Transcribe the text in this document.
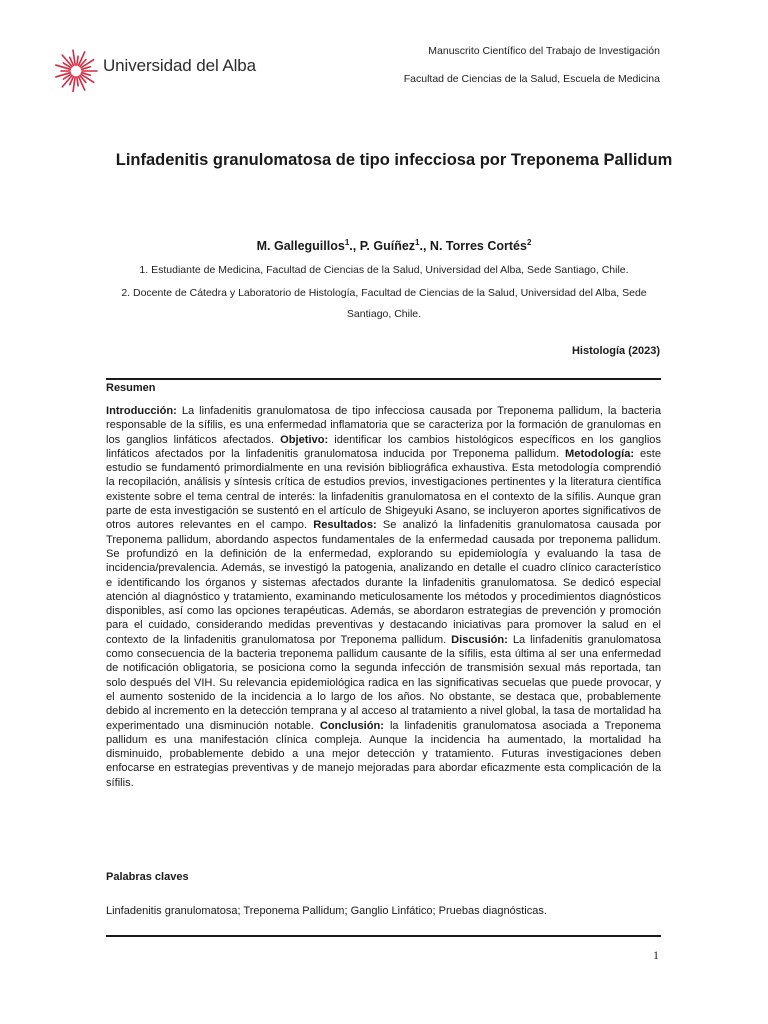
Universidad del Alba
Manuscrito Científico del Trabajo de Investigación
Facultad de Ciencias de la Salud, Escuela de Medicina
Linfadenitis granulomatosa de tipo infecciosa por Treponema Pallidum
M. Galleguillos$^1$., P. Guíñez$^1$., N. Torres Cortés$^2$
1. Estudiante de Medicina, Facultad de Ciencias de la Salud, Universidad del Alba, Sede Santiago, Chile.
2. Docente de Cátedra y Laboratorio de Histología, Facultad de Ciencias de la Salud, Universidad del Alba, Sede Santiago, Chile.
Histología (2023)
Resumen
Introducción: La linfadenitis granulomatosa de tipo infecciosa causada por Treponema pallidum, la bacteria responsable de la sífilis, es una enfermedad inflamatoria que se caracteriza por la formación de granulomas en los ganglios linfáticos afectados. Objetivo: identificar los cambios histológicos específicos en los ganglios linfáticos afectados por la linfadenitis granulomatosa inducida por Treponema pallidum. Metodología: este estudio se fundamentó primordialmente en una revisión bibliográfica exhaustiva. Esta metodología comprendió la recopilación, análisis y síntesis crítica de estudios previos, investigaciones pertinentes y la literatura científica existente sobre el tema central de interés: la linfadenitis granulomatosa en el contexto de la sífilis. Aunque gran parte de esta investigación se sustentó en el artículo de Shigeyuki Asano, se incluyeron aportes significativos de otros autores relevantes en el campo. Resultados: Se analizó la linfadenitis granulomatosa causada por Treponema pallidum, abordando aspectos fundamentales de la enfermedad causada por treponema pallidum. Se profundizó en la definición de la enfermedad, explorando su epidemiología y evaluando la tasa de incidencia/prevalencia. Además, se investigó la patogenia, analizando en detalle el cuadro clínico característico e identificando los órganos y sistemas afectados durante la linfadenitis granulomatosa. Se dedicó especial atención al diagnóstico y tratamiento, examinando meticulosamente los métodos y procedimientos diagnósticos disponibles, así como las opciones terapéuticas. Además, se abordaron estrategias de prevención y promoción para el cuidado, considerando medidas preventivas y destacando iniciativas para promover la salud en el contexto de la linfadenitis granulomatosa por Treponema pallidum. Discusión: La linfadenitis granulomatosa como consecuencia de la bacteria treponema pallidum causante de la sífilis, esta última al ser una enfermedad de notificación obligatoria, se posiciona como la segunda infección de transmisión sexual más reportada, tan solo después del VIH. Su relevancia epidemiológica radica en las significativas secuelas que puede provocar, y el aumento sostenido de la incidencia a lo largo de los años. No obstante, se destaca que, probablemente debido al incremento en la detección temprana y al acceso al tratamiento a nivel global, la tasa de mortalidad ha experimentado una disminución notable. Conclusión: la linfadenitis granulomatosa asociada a Treponema pallidum es una manifestación clínica compleja. Aunque la incidencia ha aumentado, la mortalidad ha disminuido, probablemente debido a una mejor detección y tratamiento. Futuras investigaciones deben enfocarse en estrategias preventivas y de manejo mejoradas para abordar eficazmente esta complicación de la sífilis.
Palabras claves
Linfadenitis granulomatosa; Treponema Pallidum; Ganglio Linfático; Pruebas diagnósticas.
1
